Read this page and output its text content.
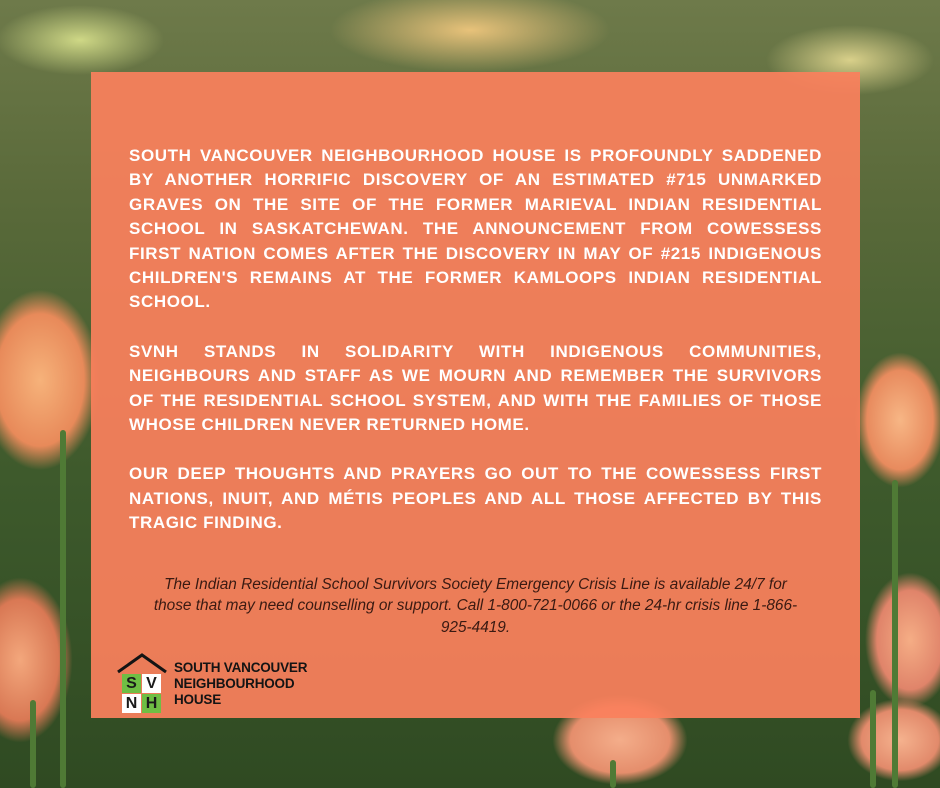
SOUTH VANCOUVER NEIGHBOURHOOD HOUSE IS PROFOUNDLY SADDENED BY ANOTHER HORRIFIC DISCOVERY OF AN ESTIMATED #715 UNMARKED GRAVES ON THE SITE OF THE FORMER MARIEVAL INDIAN RESIDENTIAL SCHOOL IN SASKATCHEWAN. THE ANNOUNCEMENT FROM COWESSESS FIRST NATION COMES AFTER THE DISCOVERY IN MAY OF #215 INDIGENOUS CHILDREN'S REMAINS AT THE FORMER KAMLOOPS INDIAN RESIDENTIAL SCHOOL.

SVNH STANDS IN SOLIDARITY WITH INDIGENOUS COMMUNITIES, NEIGHBOURS AND STAFF AS WE MOURN AND REMEMBER THE SURVIVORS OF THE RESIDENTIAL SCHOOL SYSTEM, AND WITH THE FAMILIES OF THOSE WHOSE CHILDREN NEVER RETURNED HOME.

OUR DEEP THOUGHTS AND PRAYERS GO OUT TO THE COWESSESS FIRST NATIONS, INUIT, AND MÉTIS PEOPLES AND ALL THOSE AFFECTED BY THIS TRAGIC FINDING.

The Indian Residential School Survivors Society Emergency Crisis Line is available 24/7 for those that may need counselling or support. Call 1-800-721-0066 or the 24-hr crisis line 1-866-925-4419.

S V
N H
SOUTH VANCOUVER
NEIGHBOURHOOD
HOUSE
